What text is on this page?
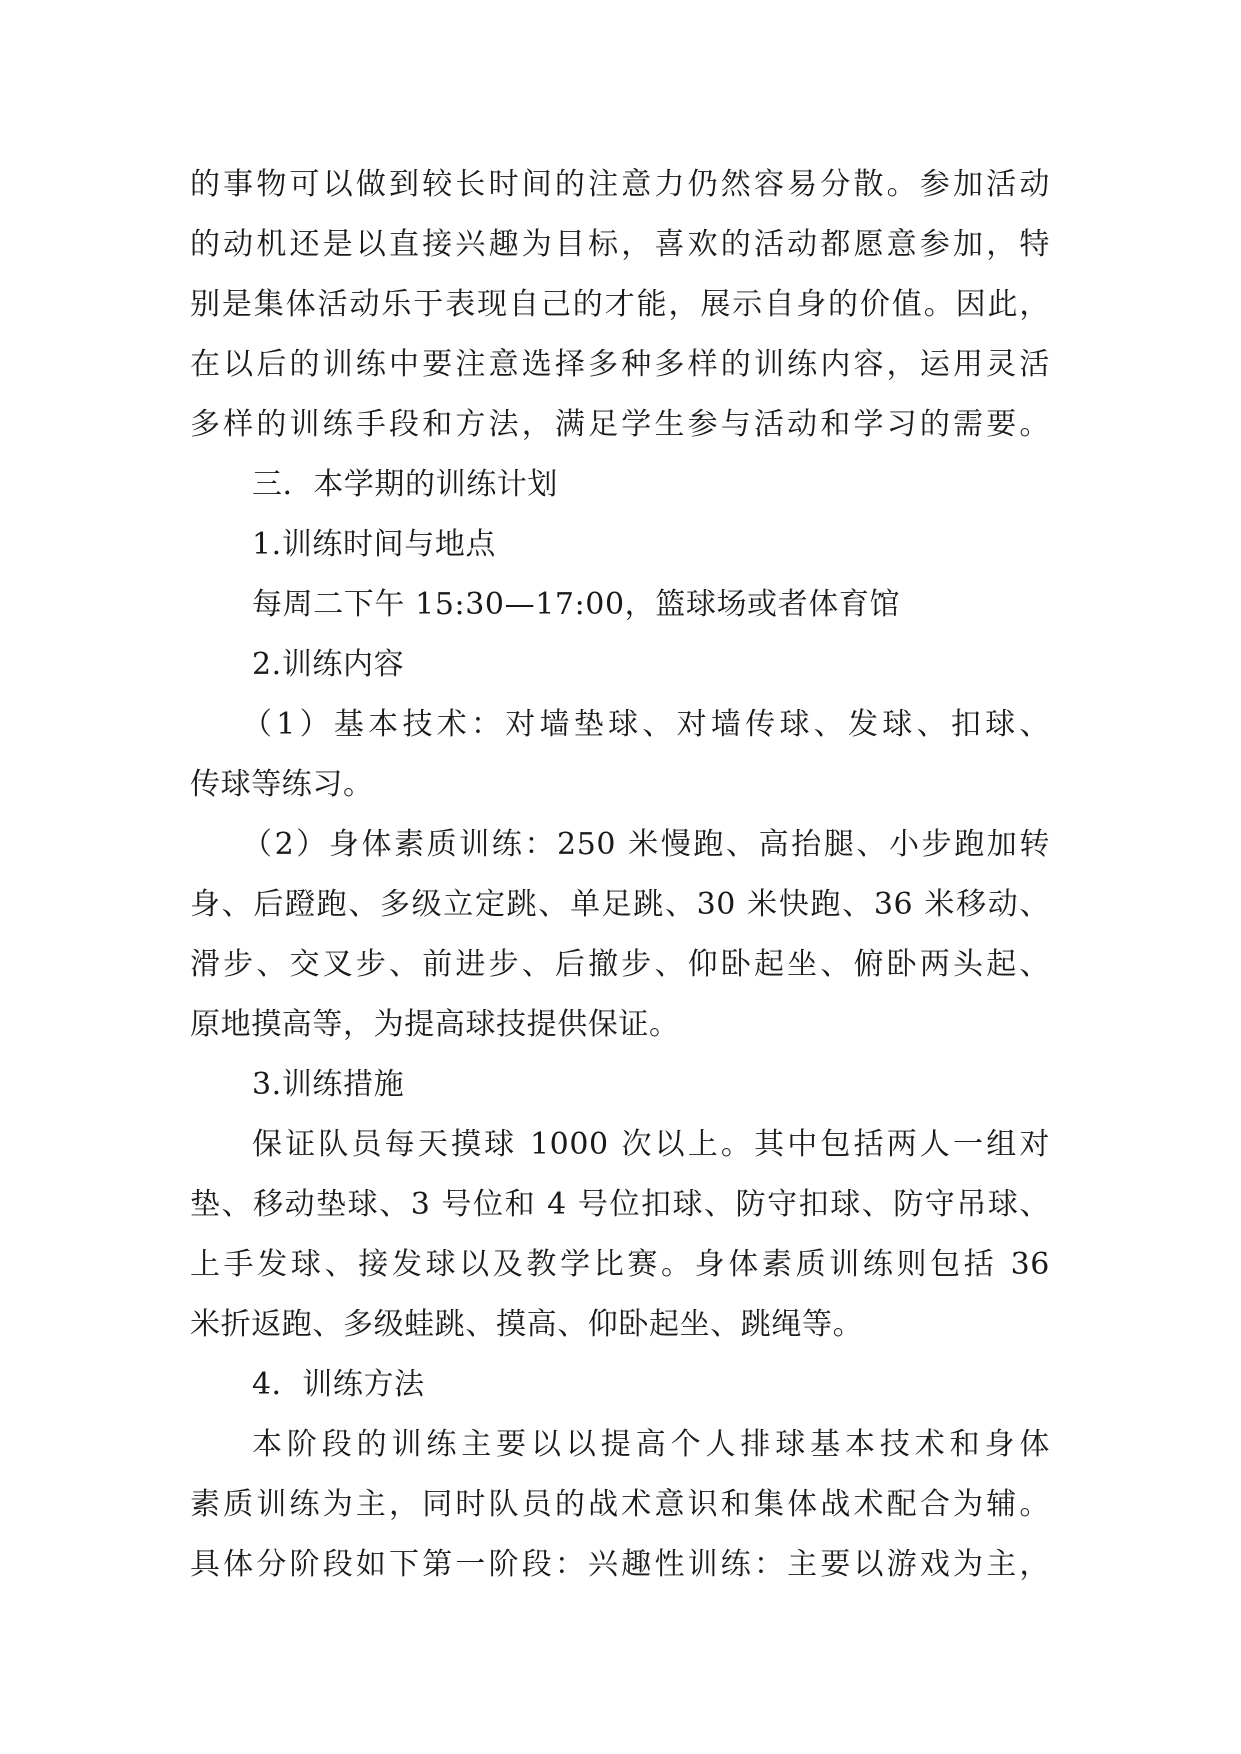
的事物可以做到较长时间的注意力仍然容易分散。参加活动
的动机还是以直接兴趣为目标，喜欢的活动都愿意参加，特
别是集体活动乐于表现自己的才能，展示自身的价值。因此，
在以后的训练中要注意选择多种多样的训练内容，运用灵活
多样的训练手段和方法，满足学生参与活动和学习的需要。
三．本学期的训练计划
1.训练时间与地点
每周二下午 15:30—17:00，篮球场或者体育馆
2.训练内容
（1）基本技术：对墙垫球、对墙传球、发球、扣球、
传球等练习。
（2）身体素质训练：250 米慢跑、高抬腿、小步跑加转
身、后蹬跑、多级立定跳、单足跳、30 米快跑、36 米移动、
滑步、交叉步、前进步、后撤步、仰卧起坐、俯卧两头起、
原地摸高等，为提高球技提供保证。
3.训练措施
保证队员每天摸球 1000 次以上。其中包括两人一组对
垫、移动垫球、3 号位和 4 号位扣球、防守扣球、防守吊球、
上手发球、接发球以及教学比赛。身体素质训练则包括 36
米折返跑、多级蛙跳、摸高、仰卧起坐、跳绳等。
4．训练方法
本阶段的训练主要以以提高个人排球基本技术和身体
素质训练为主，同时队员的战术意识和集体战术配合为辅。
具体分阶段如下第一阶段：兴趣性训练：主要以游戏为主，
